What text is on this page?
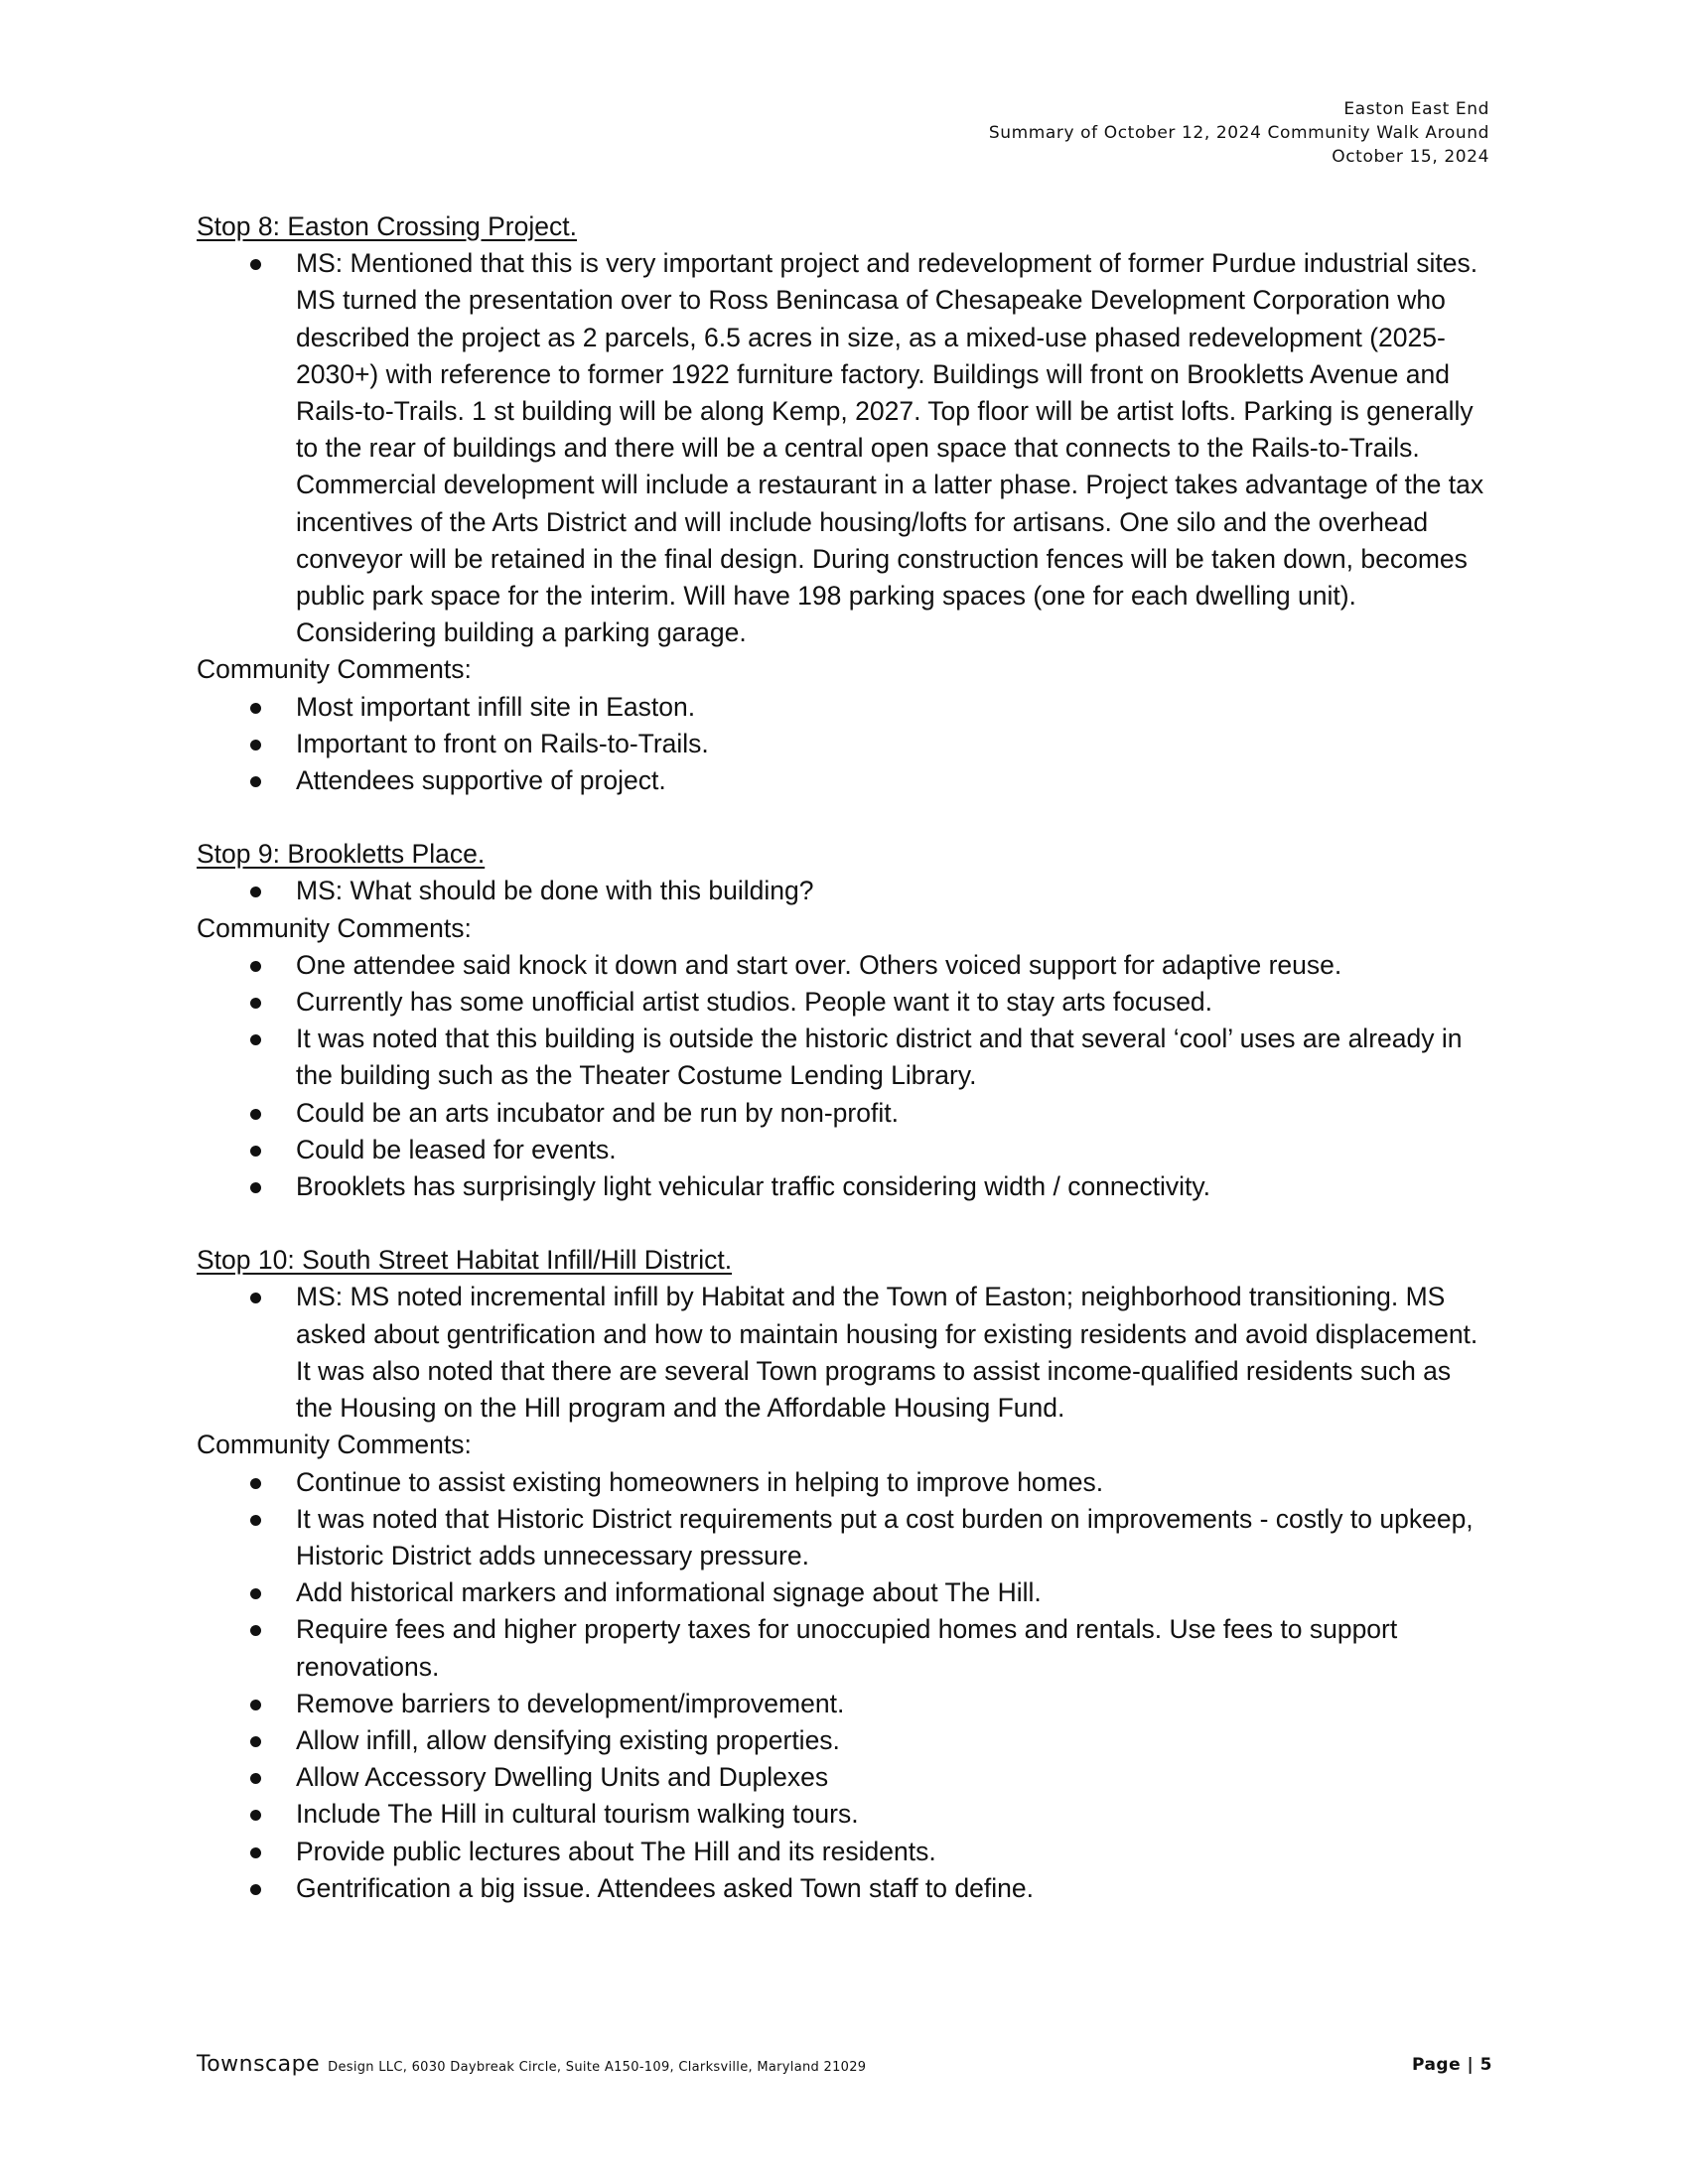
Easton East End
Summary of October 12, 2024 Community Walk Around
October 15, 2024
Stop 8: Easton Crossing Project.
MS: Mentioned that this is very important project and redevelopment of former Purdue industrial sites. MS turned the presentation over to Ross Benincasa of Chesapeake Development Corporation who described the project as 2 parcels, 6.5 acres in size, as a mixed-use phased redevelopment (2025-2030+) with reference to former 1922 furniture factory. Buildings will front on Brookletts Avenue and Rails-to-Trails. 1 st building will be along Kemp, 2027. Top floor will be artist lofts. Parking is generally to the rear of buildings and there will be a central open space that connects to the Rails-to-Trails. Commercial development will include a restaurant in a latter phase. Project takes advantage of the tax incentives of the Arts District and will include housing/lofts for artisans. One silo and the overhead conveyor will be retained in the final design. During construction fences will be taken down, becomes public park space for the interim. Will have 198 parking spaces (one for each dwelling unit). Considering building a parking garage.
Community Comments:
Most important infill site in Easton.
Important to front on Rails-to-Trails.
Attendees supportive of project.
Stop 9: Brookletts Place.
MS: What should be done with this building?
Community Comments:
One attendee said knock it down and start over. Others voiced support for adaptive reuse.
Currently has some unofficial artist studios. People want it to stay arts focused.
It was noted that this building is outside the historic district and that several ‘cool’ uses are already in the building such as the Theater Costume Lending Library.
Could be an arts incubator and be run by non-profit.
Could be leased for events.
Brooklets has surprisingly light vehicular traffic considering width / connectivity.
Stop 10: South Street Habitat Infill/Hill District.
MS: MS noted incremental infill by Habitat and the Town of Easton; neighborhood transitioning. MS asked about gentrification and how to maintain housing for existing residents and avoid displacement. It was also noted that there are several Town programs to assist income-qualified residents such as the Housing on the Hill program and the Affordable Housing Fund.
Community Comments:
Continue to assist existing homeowners in helping to improve homes.
It was noted that Historic District requirements put a cost burden on improvements - costly to upkeep, Historic District adds unnecessary pressure.
Add historical markers and informational signage about The Hill.
Require fees and higher property taxes for unoccupied homes and rentals. Use fees to support renovations.
Remove barriers to development/improvement.
Allow infill, allow densifying existing properties.
Allow Accessory Dwelling Units and Duplexes
Include The Hill in cultural tourism walking tours.
Provide public lectures about The Hill and its residents.
Gentrification a big issue. Attendees asked Town staff to define.
Townscape Design LLC, 6030 Daybreak Circle, Suite A150-109, Clarksville, Maryland 21029	Page | 5
